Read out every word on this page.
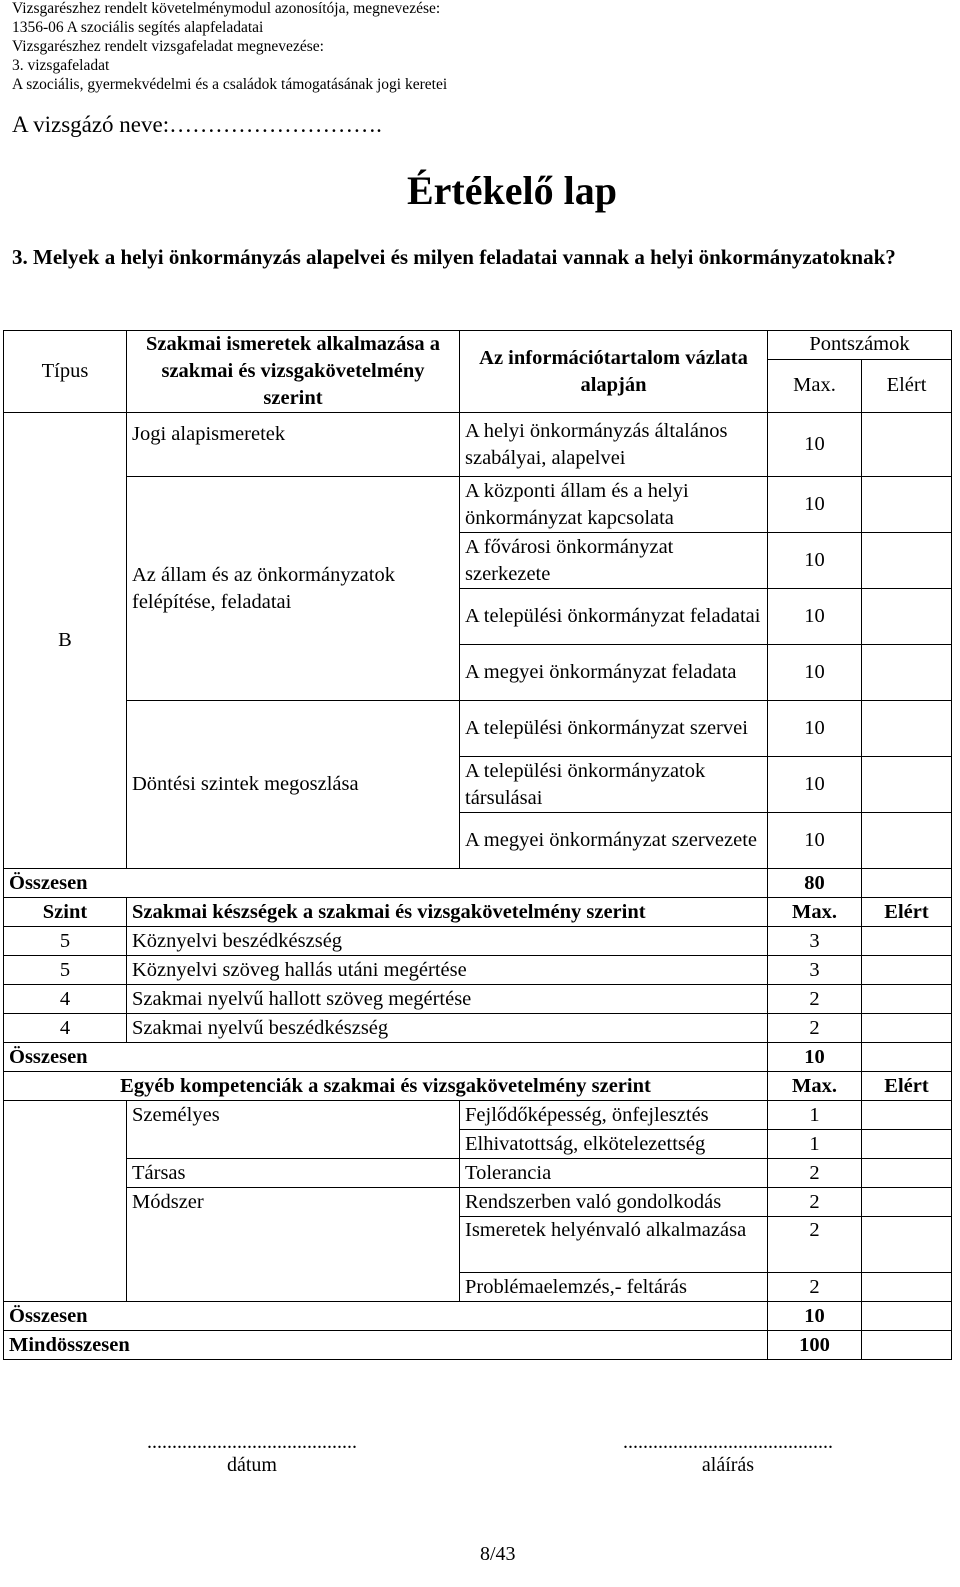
Vizsgarészhez rendelt követelménymodul azonosítója, megnevezése:
1356-06 A szociális segítés alapfeladatai
Vizsgarészhez rendelt vizsgafeladat megnevezése:
3. vizsgafeladat
A szociális, gyermekvédelmi és a családok támogatásának jogi keretei
A vizsgázó neve:……………………….
Értékelő lap
3. Melyek a helyi önkormányzás alapelvei és milyen feladatai vannak a helyi önkormányzatoknak?
Típus	Szakmai ismeretek alkalmazása a szakmai és vizsgakövetelmény szerint	Az információtartalom vázlata alapján	Pontszámok	
			Max.	Elért
B	Jogi alapismeretek	A helyi önkormányzás általános szabályai, alapelvei	10	
	Az állam és az önkormányzatok felépítése, feladatai	A központi állam és a helyi önkormányzat kapcsolata	10	
		A fővárosi önkormányzat szerkezete	10	
		A települési önkormányzat feladatai	10	
		A megyei önkormányzat feladata	10	
	Döntési szintek megoszlása	A települési önkormányzat szervei	10	
		A települési önkormányzatok társulásai	10	
		A megyei önkormányzat szervezete	10	
Összesen			80	
Szint	Szakmai készségek a szakmai és vizsgakövetelmény szerint		Max.	Elért
5	Köznyelvi beszédkészség		3	
5	Köznyelvi szöveg hallás utáni megértése		3	
4	Szakmai nyelvű hallott szöveg megértése		2	
4	Szakmai nyelvű beszédkészség		2	
Összesen			10	
Egyéb kompetenciák a szakmai és vizsgakövetelmény szerint			Max.	Elért
	Személyes	Fejlődőképesség, önfejlesztés	1	
		Elhivatottság, elkötelezettség	1	
	Társas	Tolerancia	2	
	Módszer	Rendszerben való gondolkodás	2	
		Ismeretek helyénvaló alkalmazása	2	
		Problémaelemzés,- feltárás	2	
Összesen			10	
Mindösszesen			100	
..........................................
dátum
..........................................
aláírás
8/43
